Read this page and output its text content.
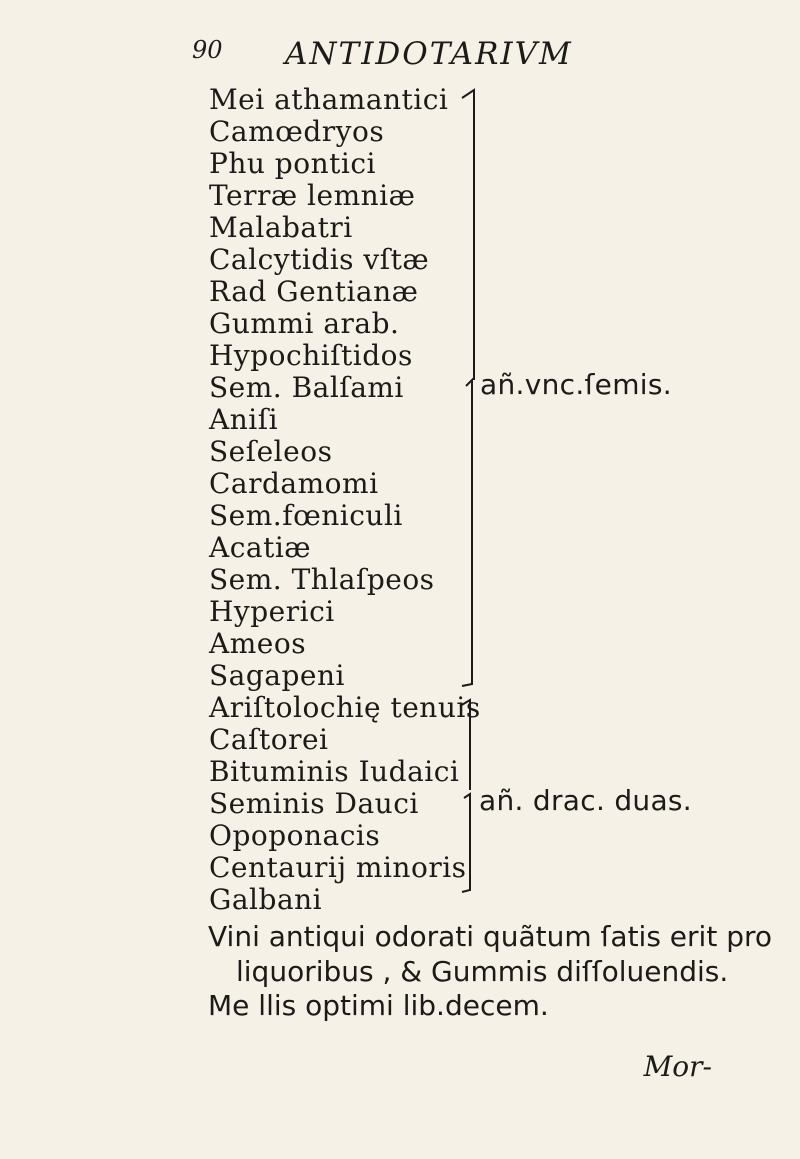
90 ANTIDOTARIVM
Mei athamantici
Camœdryos
Phu pontici
Terræ lemniæ
Malabatri
Calcytidis vſtæ
Rad Gentianæ
Gummi arab.
Hypochiſtidos
Sem. Balſami
Aniſi
Seſeleos
Cardamomi
Sem.fœniculi
Acatiæ
Sem. Thlaſpeos
Hyperici
Ameos
Sagapeni
añ.vnc.ſemis.
Ariſtolochię tenuis
Caſtorei
Bituminis Iudaici
Seminis Dauci
Opoponacis
Centaurij minoris
Galbani
añ. drac. duas.
Vini antiqui odorati quãtum ſatis erit pro
liquoribus , & Gummis diſſoluendis.
Me llis optimi lib.decem.
Mor-
